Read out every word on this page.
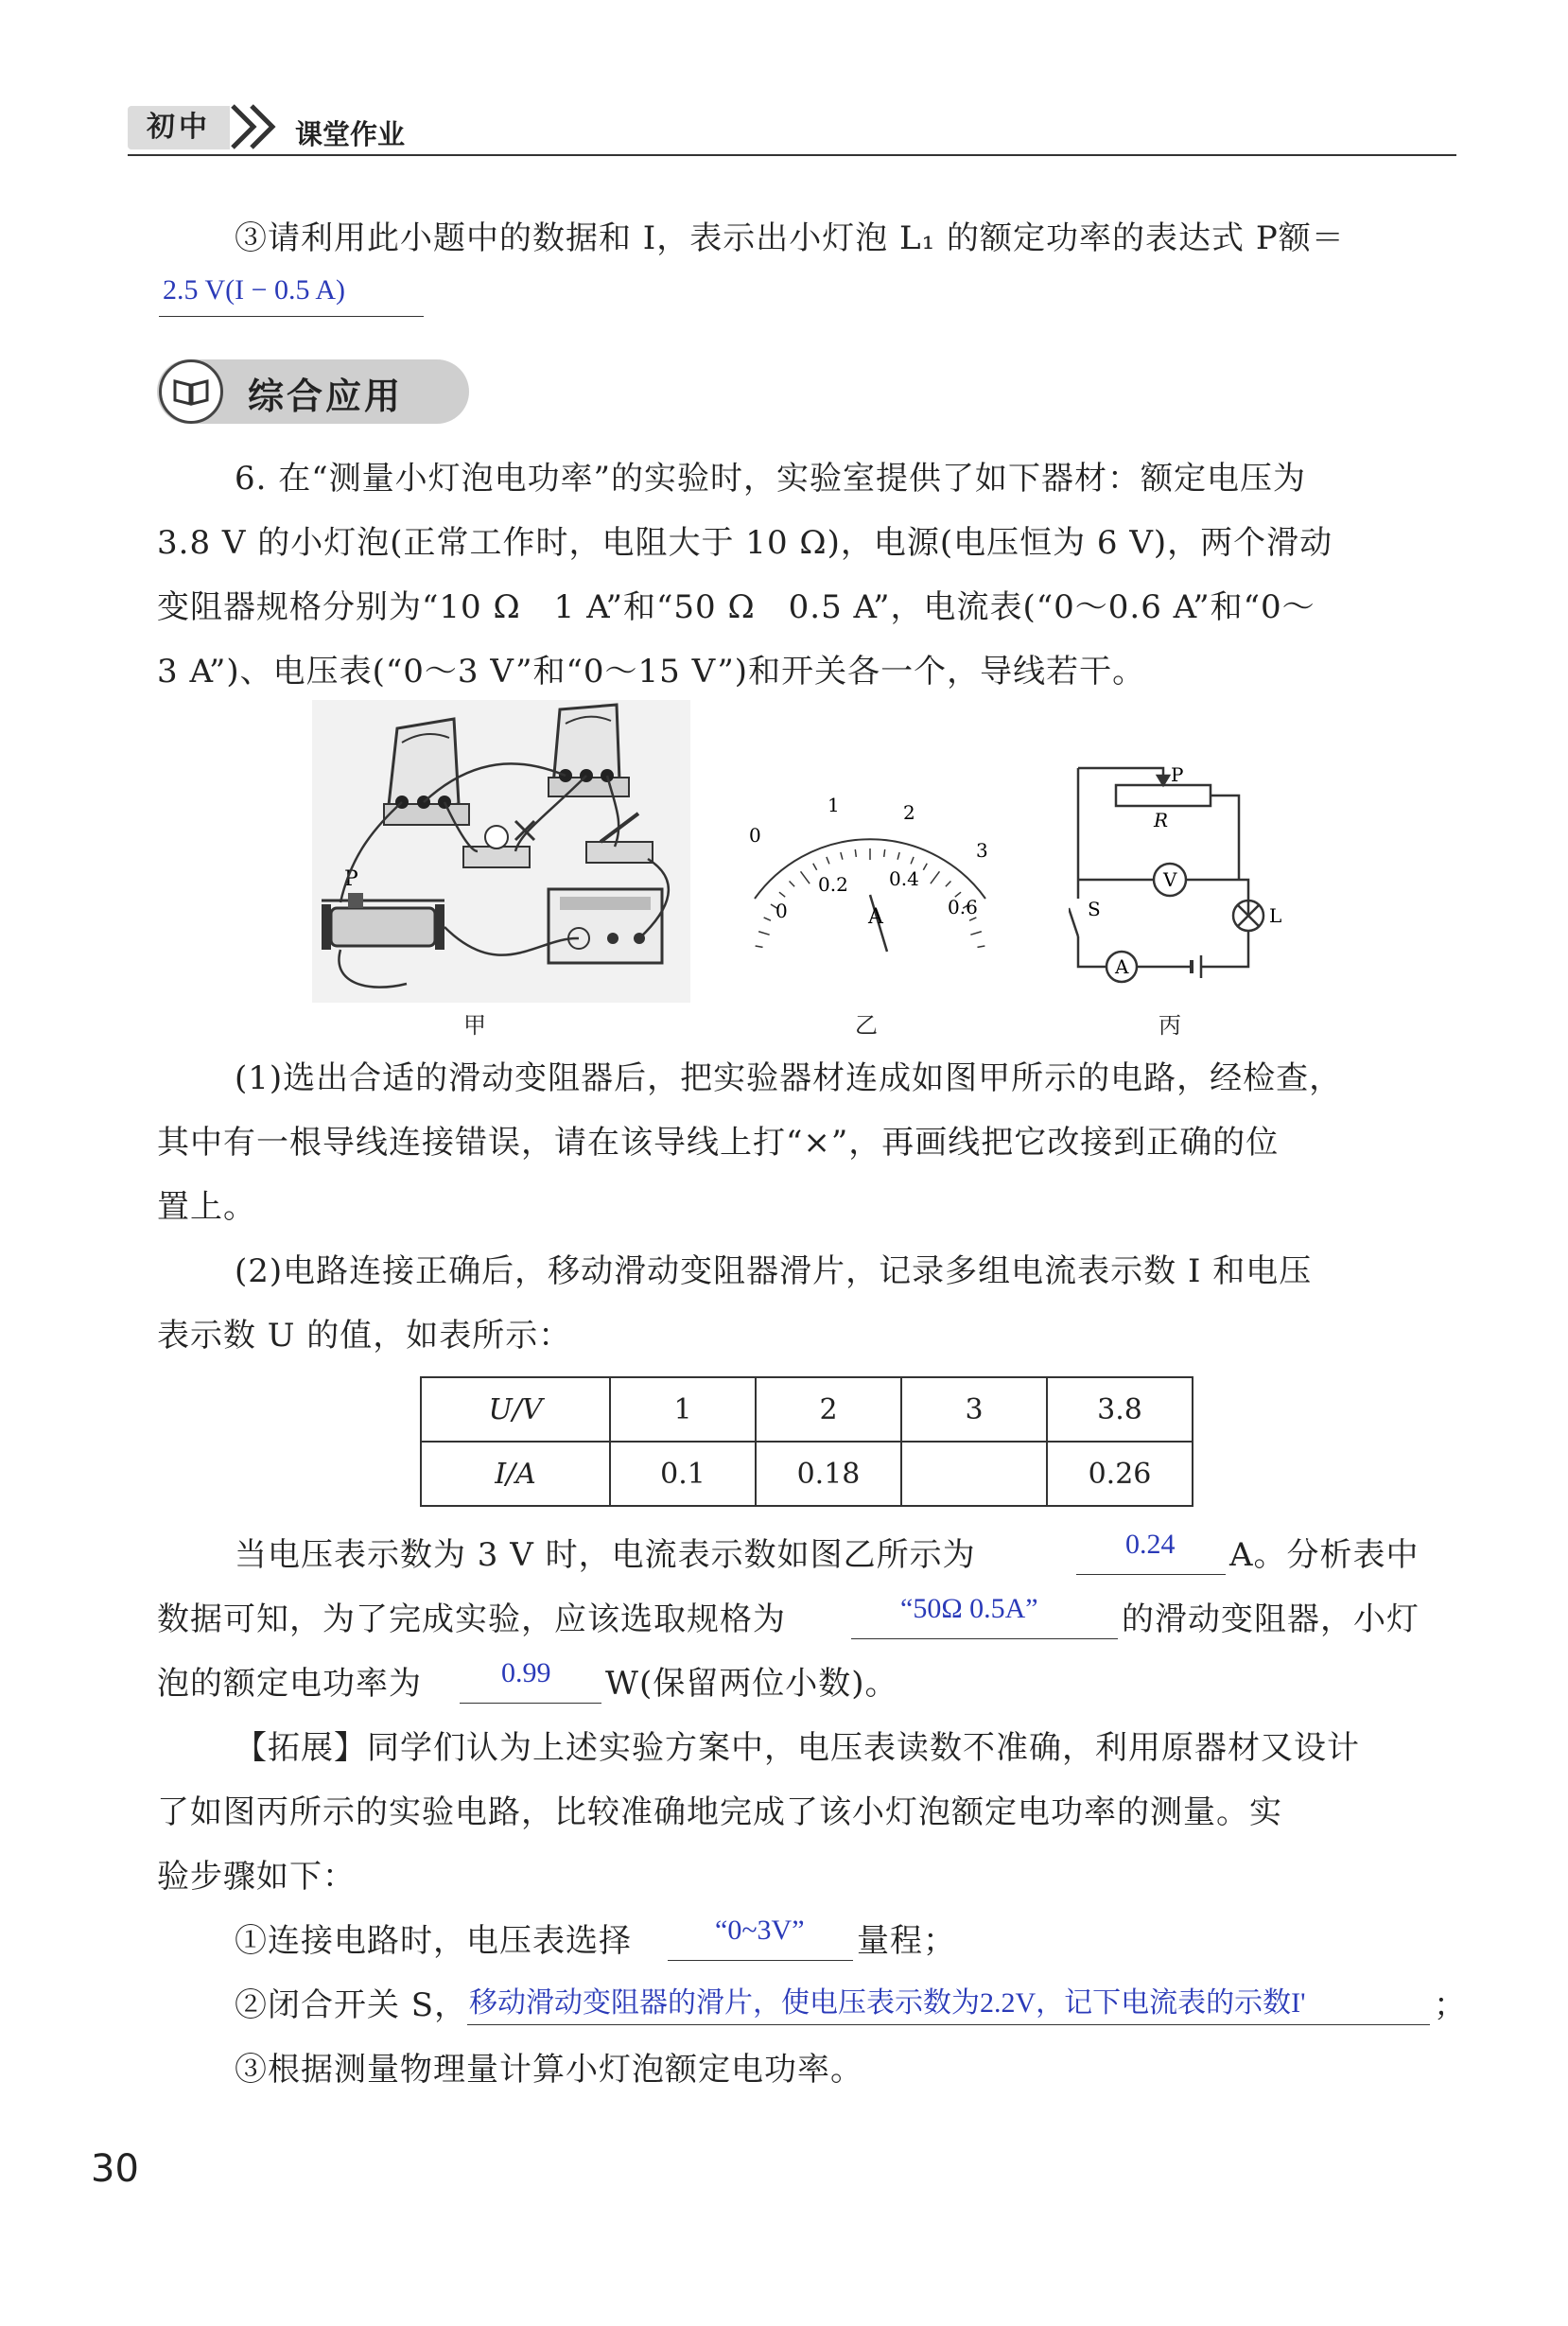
初中	课堂作业
③请利用此小题中的数据和 I，表示出小灯泡 L₁ 的额定功率的表达式 P额＝
2.5 V(I − 0.5 A)
综合应用
6. 在“测量小灯泡电功率”的实验时，实验室提供了如下器材：额定电压为
3.8 V 的小灯泡(正常工作时，电阻大于 10 Ω)，电源(电压恒为 6 V)，两个滑动
变阻器规格分别为“10 Ω　1 A”和“50 Ω　0.5 A”，电流表(“0～0.6 A”和“0～
3 A”)、电压表(“0～3 V”和“0～15 V”)和开关各一个，导线若干。
P
甲
0
1	2
3
0
0.2 0.4
0.6
A
乙
P
R
V
A
S	L
丙
(1)选出合适的滑动变阻器后，把实验器材连成如图甲所示的电路，经检查，
其中有一根导线连接错误，请在该导线上打“×”，再画线把它改接到正确的位
置上。
(2)电路连接正确后，移动滑动变阻器滑片，记录多组电流表示数 I 和电压
表示数 U 的值，如表所示：
U/V	1	2	3	3.8
I/A	0.1	0.18		0.26
当电压表示数为 3 V 时，电流表示数如图乙所示为	0.24 A。分析表中
数据可知，为了完成实验，应该选取规格为	“50Ω 0.5A”	的滑动变阻器，小灯
泡的额定电功率为	0.99 W(保留两位小数)。
【拓展】同学们认为上述实验方案中，电压表读数不准确，利用原器材又设计
了如图丙所示的实验电路，比较准确地完成了该小灯泡额定电功率的测量。实
验步骤如下：
①连接电路时，电压表选择	“0~3V” 量程；
②闭合开关 S， 移动滑动变阻器的滑片，使电压表示数为2.2V，记下电流表的示数I'	；
③根据测量物理量计算小灯泡额定电功率。
30
